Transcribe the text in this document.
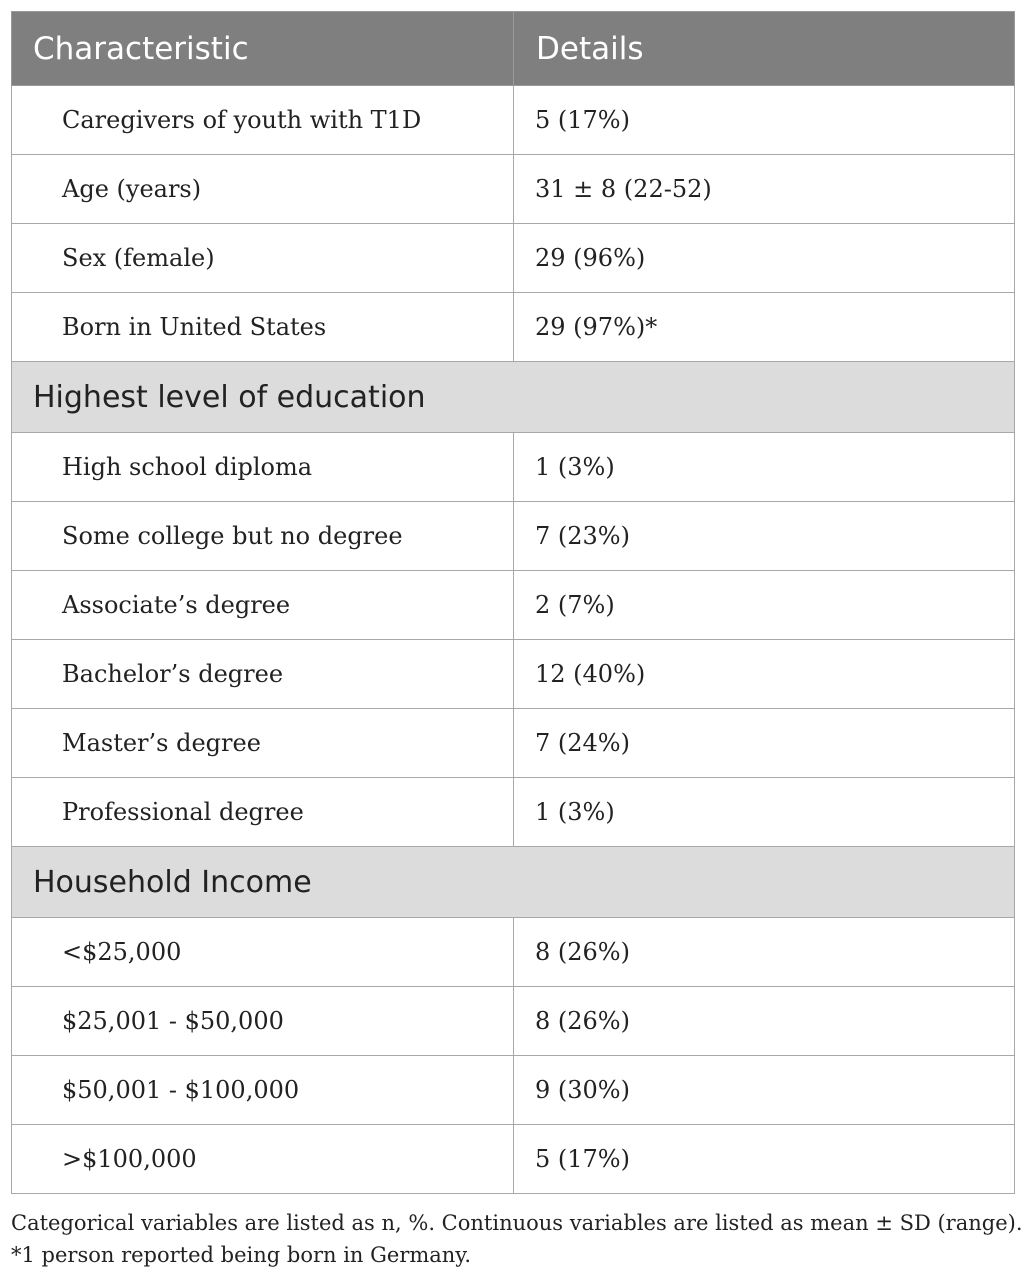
Characteristic	Details
Caregivers of youth with T1D	5 (17%)
Age (years)	31 ± 8 (22-52)
Sex (female)	29 (96%)
Born in United States	29 (97%)*
Highest level of education	
High school diploma	1 (3%)
Some college but no degree	7 (23%)
Associate’s degree	2 (7%)
Bachelor’s degree	12 (40%)
Master’s degree	7 (24%)
Professional degree	1 (3%)
Household Income	
<$25,000	8 (26%)
$25,001 - $50,000	8 (26%)
$50,001 - $100,000	9 (30%)
>$100,000	5 (17%)

Categorical variables are listed as n, %. Continuous variables are listed as mean ± SD (range).

*1 person reported being born in Germany.
